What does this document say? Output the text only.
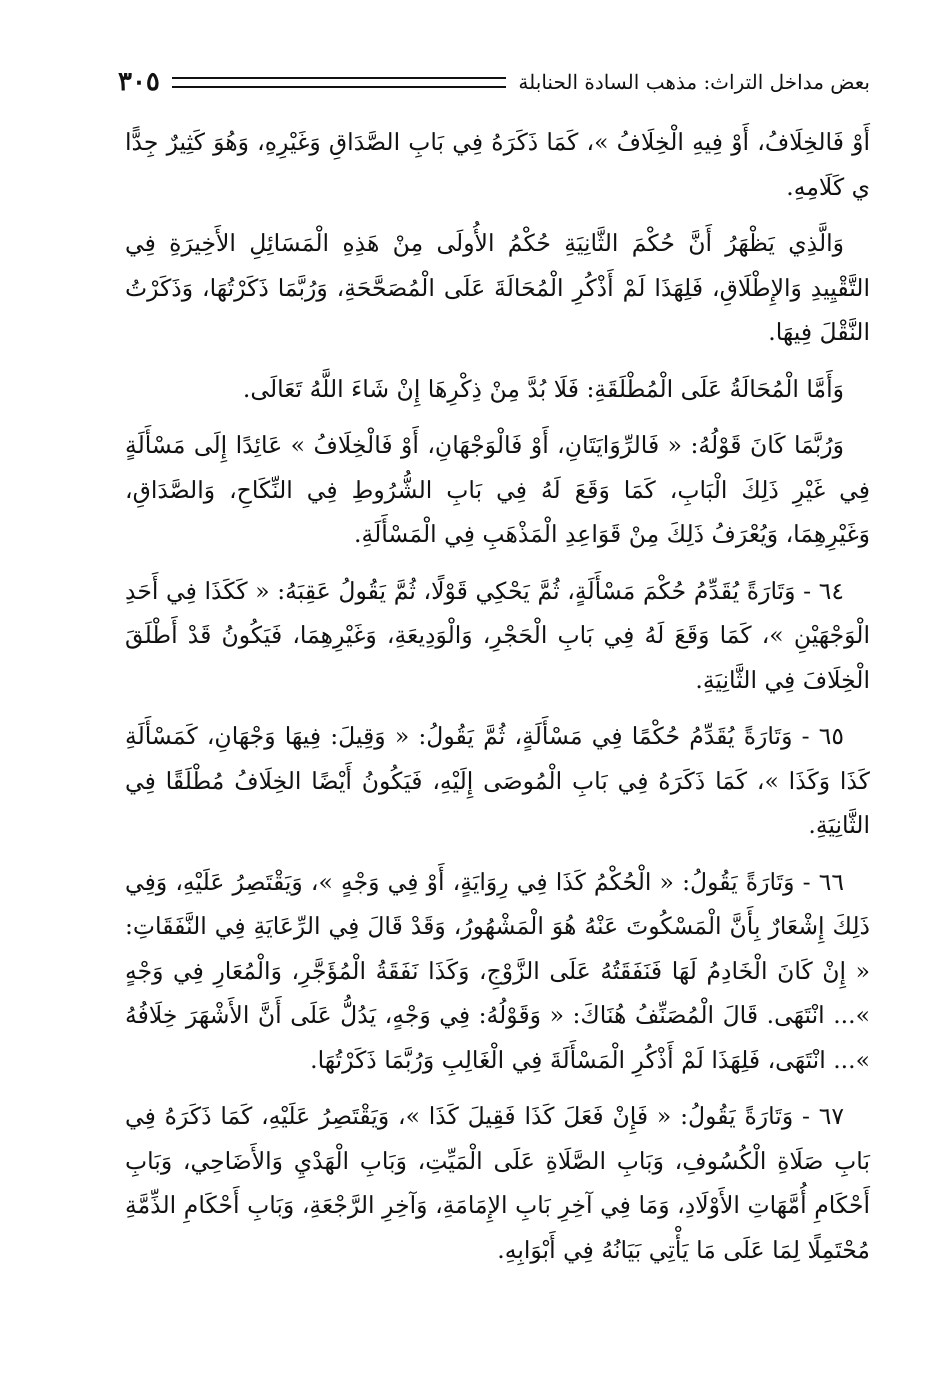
بعض مداخل التراث: مذهب السادة الحنابلة
٣٠٥

أَوْ فَالخِلَافُ، أَوْ فِيهِ الْخِلَافُ »، كَمَا ذَكَرَهُ فِي بَابِ الصَّدَاقِ وَغَيْرِهِ، وَهُوَ كَثِيرٌ جِدًّا ي كَلَامِهِ.

وَالَّذِي يَظْهَرُ أَنَّ حُكْمَ الثَّانِيَةِ حُكْمُ الأُولَى مِنْ هَذِهِ الْمَسَائِلِ الأَخِيرَةِ فِي التَّقْيِيدِ وَالإِطْلَاقِ، فَلِهَذَا لَمْ أَذْكُرِ الْمُحَالَةَ عَلَى الْمُصَحَّحَةِ، وَرُبَّمَا ذَكَرْتُهَا، وَذَكَرْتُ النَّقْلَ فِيهَا.

وَأَمَّا الْمُحَالَةُ عَلَى الْمُطْلَقَةِ: فَلَا بُدَّ مِنْ ذِكْرِهَا إِنْ شَاءَ اللَّهُ تَعَالَى.

وَرُبَّمَا كَانَ قَوْلُهُ: « فَالرِّوَايَتَانِ، أَوْ فَالْوَجْهَانِ، أَوْ فَالْخِلَافُ » عَائِدًا إِلَى مَسْأَلَةٍ فِي غَيْرِ ذَلِكَ الْبَابِ، كَمَا وَقَعَ لَهُ فِي بَابِ الشُّرُوطِ فِي النِّكَاحِ، وَالصَّدَاقِ، وَغَيْرِهِمَا، وَيُعْرَفُ ذَلِكَ مِنْ قَوَاعِدِ الْمَذْهَبِ فِي الْمَسْأَلَةِ.

٦٤ - وَتَارَةً يُقَدِّمُ حُكْمَ مَسْأَلَةٍ، ثُمَّ يَحْكِي قَوْلًا، ثُمَّ يَقُولُ عَقِبَهُ: « كَكَذَا فِي أَحَدِ الْوَجْهَيْنِ »، كَمَا وَقَعَ لَهُ فِي بَابِ الْحَجْرِ، وَالْوَدِيعَةِ، وَغَيْرِهِمَا، فَيَكُونُ قَدْ أَطْلَقَ الْخِلَافَ فِي الثَّانِيَةِ.

٦٥ - وَتَارَةً يُقَدِّمُ حُكْمًا فِي مَسْأَلَةٍ، ثُمَّ يَقُولُ: « وَقِيلَ: فِيهَا وَجْهَانِ، كَمَسْأَلَةِ كَذَا وَكَذَا »، كَمَا ذَكَرَهُ فِي بَابِ الْمُوصَى إِلَيْهِ، فَيَكُونُ أَيْضًا الخِلَافُ مُطْلَقًا فِي الثَّانِيَةِ.

٦٦ - وَتَارَةً يَقُولُ: « الْحُكْمُ كَذَا فِي رِوَايَةٍ، أَوْ فِي وَجْهٍ »، وَيَقْتَصِرُ عَلَيْهِ، وَفِي ذَلِكَ إِشْعَارٌ بِأَنَّ الْمَسْكُوتَ عَنْهُ هُوَ الْمَشْهُورُ، وَقَدْ قَالَ فِي الرِّعَايَةِ فِي النَّفَقَاتِ: « إِنْ كَانَ الْخَادِمُ لَهَا فَنَفَقَتُهُ عَلَى الزَّوْجِ، وَكَذَا نَفَقَةُ الْمُؤَجَّرِ، وَالْمُعَارِ فِي وَجْهٍ »... انْتَهَى. قَالَ الْمُصَنِّفُ هُنَاكَ: « وَقَوْلُهُ: فِي وَجْهٍ، يَدُلُّ عَلَى أَنَّ الأَشْهَرَ خِلَافُهُ »... انْتَهَى، فَلِهَذَا لَمْ أَذْكُرِ الْمَسْأَلَةَ فِي الْغَالِبِ وَرُبَّمَا ذَكَرْتُهَا.

٦٧ - وَتَارَةً يَقُولُ: « فَإِنْ فَعَلَ كَذَا فَقِيلَ كَذَا »، وَيَقْتَصِرُ عَلَيْهِ، كَمَا ذَكَرَهُ فِي بَابِ صَلَاةِ الْكُسُوفِ، وَبَابِ الصَّلَاةِ عَلَى الْمَيِّتِ، وَبَابِ الْهَدْيِ وَالأَضَاحِي، وَبَابِ أَحْكَامِ أُمَّهَاتِ الأَوْلَادِ، وَمَا فِي آخِرِ بَابِ الإِمَامَةِ، وَآخِرِ الرَّجْعَةِ، وَبَابِ أَحْكَامِ الذِّمَّةِ مُحْتَمِلًا لِمَا عَلَى مَا يَأْتِي بَيَانُهُ فِي أَبْوَابِهِ.
